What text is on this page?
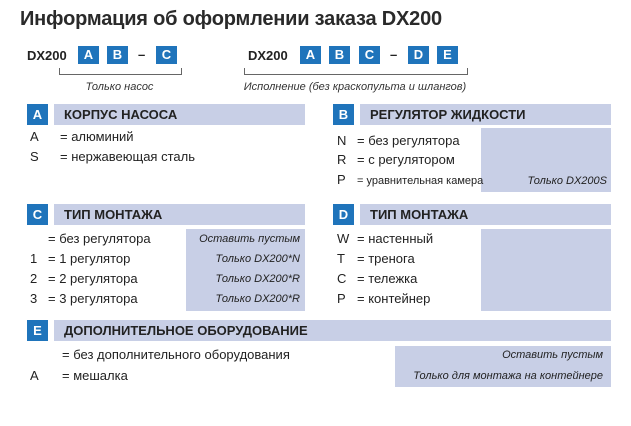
Информация об оформлении заказа DX200
DX200	A	B	–	C
Только насос
DX200	A	B	C	–	D	E
Исполнение (без краскопульта и шлангов)
A	КОРПУС НАСОСА
A = алюминий
S = нержавеющая сталь
B	РЕГУЛЯТОР ЖИДКОСТИ
N = без регулятора
R = с регулятором
P = уравнительная камера	Только DX200S
C	ТИП МОНТАЖА
= без регулятора	Оставить пустым
1 = 1 регулятор	Только DX200*N
2 = 2 регулятора	Только DX200*R
3 = 3 регулятора	Только DX200*R
D	ТИП МОНТАЖА
W = настенный
T = тренога
C = тележка
P = контейнер
E	ДОПОЛНИТЕЛЬНОЕ ОБОРУДОВАНИЕ
= без дополнительного оборудования	Оставить пустым
A = мешалка	Только для монтажа на контейнере
